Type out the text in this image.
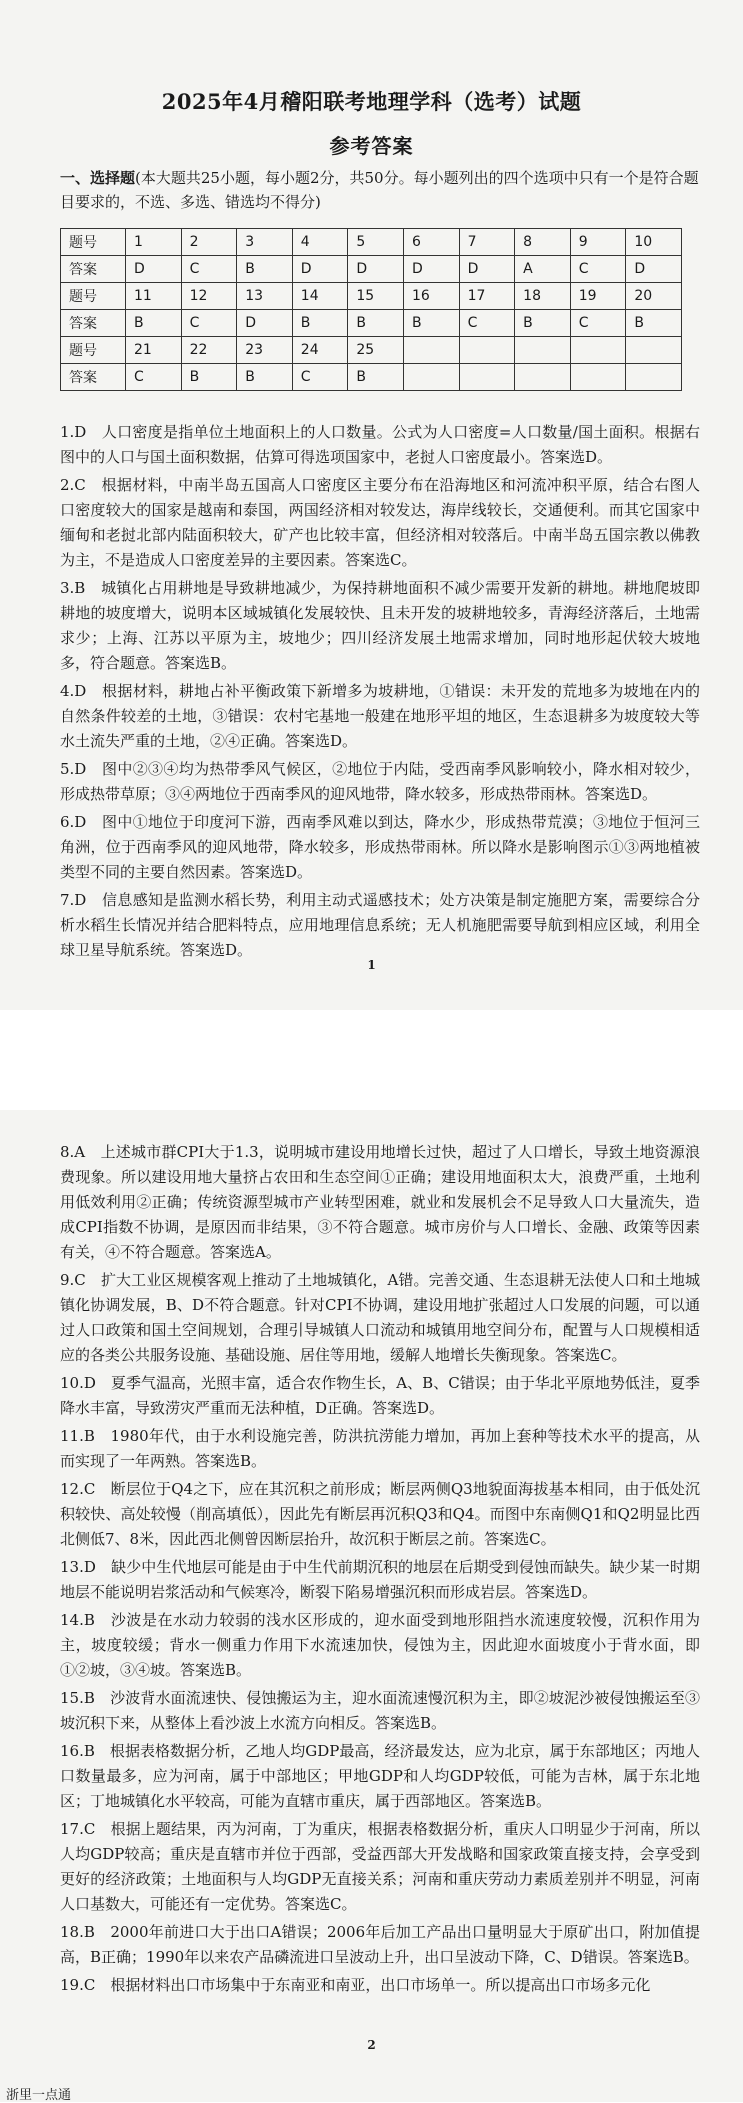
2025年4月稽阳联考地理学科（选考）试题
参考答案
一、选择题(本大题共25小题，每小题2分，共50分。每小题列出的四个选项中只有一个是符合题目要求的，不选、多选、错选均不得分)
题号	1	2	3	4	5	6	7	8	9	10
答案	D	C	B	D	D	D	D	A	C	D
题号	11	12	13	14	15	16	17	18	19	20
答案	B	C	D	B	B	B	C	B	C	B
题号	21	22	23	24	25					
答案	C	B	B	C	B					

1.D　人口密度是指单位土地面积上的人口数量。公式为人口密度=人口数量/国土面积。根据右图中的人口与国土面积数据，估算可得选项国家中，老挝人口密度最小。答案选D。

2.C　根据材料，中南半岛五国高人口密度区主要分布在沿海地区和河流冲积平原，结合右图人口密度较大的国家是越南和泰国，两国经济相对较发达，海岸线较长，交通便利。而其它国家中缅甸和老挝北部内陆面积较大，矿产也比较丰富，但经济相对较落后。中南半岛五国宗教以佛教为主，不是造成人口密度差异的主要因素。答案选C。

3.B　城镇化占用耕地是导致耕地减少，为保持耕地面积不减少需要开发新的耕地。耕地爬坡即耕地的坡度增大，说明本区域城镇化发展较快、且未开发的坡耕地较多，青海经济落后，土地需求少；上海、江苏以平原为主，坡地少；四川经济发展土地需求增加，同时地形起伏较大坡地多，符合题意。答案选B。

4.D　根据材料，耕地占补平衡政策下新增多为坡耕地，①错误：未开发的荒地多为坡地在内的自然条件较差的土地，③错误：农村宅基地一般建在地形平坦的地区，生态退耕多为坡度较大等水土流失严重的土地，②④正确。答案选D。

5.D　图中②③④均为热带季风气候区，②地位于内陆，受西南季风影响较小，降水相对较少，形成热带草原；③④两地位于西南季风的迎风地带，降水较多，形成热带雨林。答案选D。

6.D　图中①地位于印度河下游，西南季风难以到达，降水少，形成热带荒漠；③地位于恒河三角洲，位于西南季风的迎风地带，降水较多，形成热带雨林。所以降水是影响图示①③两地植被类型不同的主要自然因素。答案选D。

7.D　信息感知是监测水稻长势，利用主动式遥感技术；处方决策是制定施肥方案，需要综合分析水稻生长情况并结合肥料特点，应用地理信息系统；无人机施肥需要导航到相应区域，利用全球卫星导航系统。答案选D。

1

8.A　上述城市群CPI大于1.3，说明城市建设用地增长过快，超过了人口增长，导致土地资源浪费现象。所以建设用地大量挤占农田和生态空间①正确；建设用地面积太大，浪费严重，土地利用低效利用②正确；传统资源型城市产业转型困难，就业和发展机会不足导致人口大量流失，造成CPI指数不协调，是原因而非结果，③不符合题意。城市房价与人口增长、金融、政策等因素有关，④不符合题意。答案选A。

9.C　扩大工业区规模客观上推动了土地城镇化，A错。完善交通、生态退耕无法使人口和土地城镇化协调发展，B、D不符合题意。针对CPI不协调，建设用地扩张超过人口发展的问题，可以通过人口政策和国土空间规划，合理引导城镇人口流动和城镇用地空间分布，配置与人口规模相适应的各类公共服务设施、基础设施、居住等用地，缓解人地增长失衡现象。答案选C。

10.D　夏季气温高，光照丰富，适合农作物生长，A、B、C错误；由于华北平原地势低洼，夏季降水丰富，导致涝灾严重而无法种植，D正确。答案选D。

11.B　1980年代，由于水利设施完善，防洪抗涝能力增加，再加上套种等技术水平的提高，从而实现了一年两熟。答案选B。

12.C　断层位于Q4之下，应在其沉积之前形成；断层两侧Q3地貌面海拔基本相同，由于低处沉积较快、高处较慢（削高填低），因此先有断层再沉积Q3和Q4。而图中东南侧Q1和Q2明显比西北侧低7、8米，因此西北侧曾因断层抬升，故沉积于断层之前。答案选C。

13.D　缺少中生代地层可能是由于中生代前期沉积的地层在后期受到侵蚀而缺失。缺少某一时期地层不能说明岩浆活动和气候寒冷，断裂下陷易增强沉积而形成岩层。答案选D。

14.B　沙波是在水动力较弱的浅水区形成的，迎水面受到地形阻挡水流速度较慢，沉积作用为主，坡度较缓；背水一侧重力作用下水流速加快，侵蚀为主，因此迎水面坡度小于背水面，即①②坡，③④坡。答案选B。

15.B　沙波背水面流速快、侵蚀搬运为主，迎水面流速慢沉积为主，即②坡泥沙被侵蚀搬运至③坡沉积下来，从整体上看沙波上水流方向相反。答案选B。

16.B　根据表格数据分析，乙地人均GDP最高，经济最发达，应为北京，属于东部地区；丙地人口数量最多，应为河南，属于中部地区；甲地GDP和人均GDP较低，可能为吉林，属于东北地区；丁地城镇化水平较高，可能为直辖市重庆，属于西部地区。答案选B。

17.C　根据上题结果，丙为河南，丁为重庆，根据表格数据分析，重庆人口明显少于河南，所以人均GDP较高；重庆是直辖市并位于西部，受益西部大开发战略和国家政策直接支持，会享受到更好的经济政策；土地面积与人均GDP无直接关系；河南和重庆劳动力素质差别并不明显，河南人口基数大，可能还有一定优势。答案选C。

18.B　2000年前进口大于出口A错误；2006年后加工产品出口量明显大于原矿出口，附加值提高，B正确；1990年以来农产品磷流进口呈波动上升，出口呈波动下降，C、D错误。答案选B。

19.C　根据材料出口市场集中于东南亚和南亚，出口市场单一。所以提高出口市场多元化

2
浙里一点通
